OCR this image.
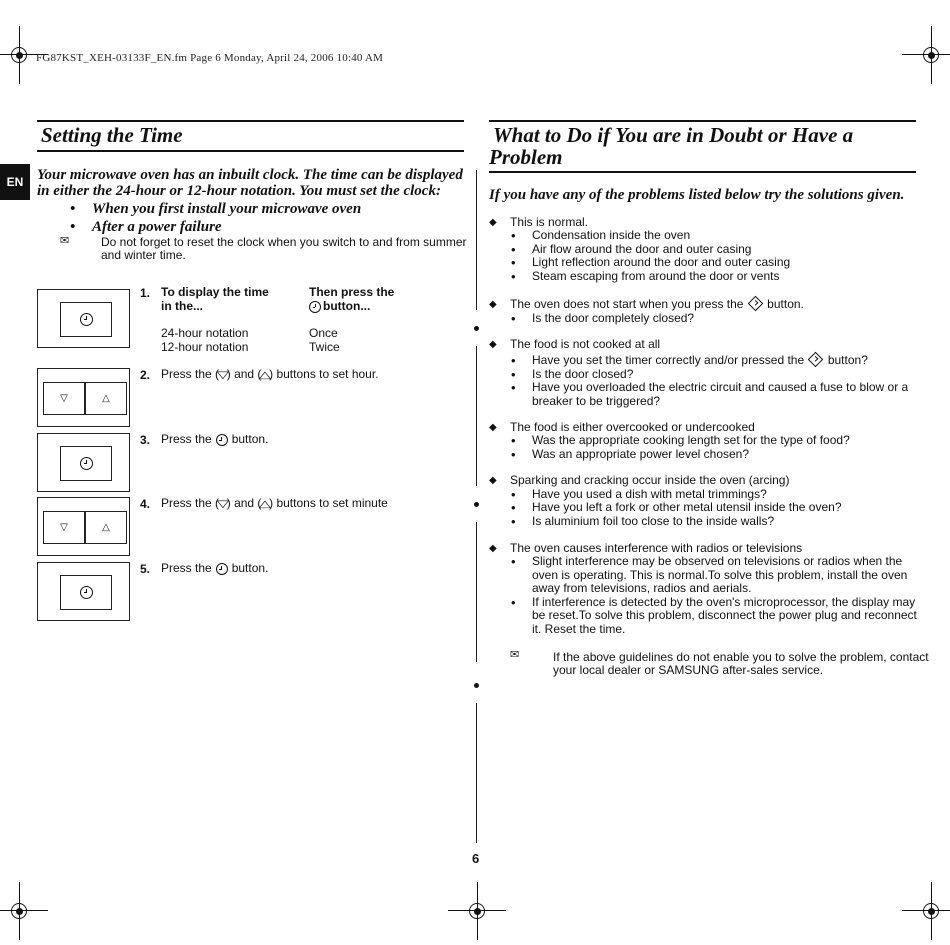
FG87KST_XEH-03133F_EN.fm Page 6 Monday, April 24, 2006 10:40 AM
EN
Setting the Time
Your microwave oven has an inbuilt clock. The time can be displayed
in either the 24-hour or 12-hour notation. You must set the clock:
• When you first install your microwave oven
• After a power failure
✉	Do not forget to reset the clock when you switch to and from summer
and winter time.
1. To display the time
in the...
Then press the
button...
24-hour notation	Once
12-hour notation	Twice
▽	△
2. Press the (▽) and (△) buttons to set hour.
3. Press the button.
▽	△
4. Press the (▽) and (△) buttons to set minute
5. Press the button.
6
What to Do if You are in Doubt or Have a
Problem
If you have any of the problems listed below try the solutions given.
◆ This is normal.
• Condensation inside the oven
• Air flow around the door and outer casing
• Light reflection around the door and outer casing
• Steam escaping from around the door or vents
◆ The oven does not start when you press the button.
• Is the door completely closed?
◆ The food is not cooked at all
• Have you set the timer correctly and/or pressed the button?
• Is the door closed?
• Have you overloaded the electric circuit and caused a fuse to blow or a
breaker to be triggered?
◆ The food is either overcooked or undercooked
• Was the appropriate cooking length set for the type of food?
• Was an appropriate power level chosen?
◆ Sparking and cracking occur inside the oven (arcing)
• Have you used a dish with metal trimmings?
• Have you left a fork or other metal utensil inside the oven?
• Is aluminium foil too close to the inside walls?
◆ The oven causes interference with radios or televisions
• Slight interference may be observed on televisions or radios when the
oven is operating. This is normal.To solve this problem, install the oven
away from televisions, radios and aerials.
• If interference is detected by the oven's microprocessor, the display may
be reset.To solve this problem, disconnect the power plug and reconnect
it. Reset the time.
✉	If the above guidelines do not enable you to solve the problem, contact
your local dealer or SAMSUNG after-sales service.
